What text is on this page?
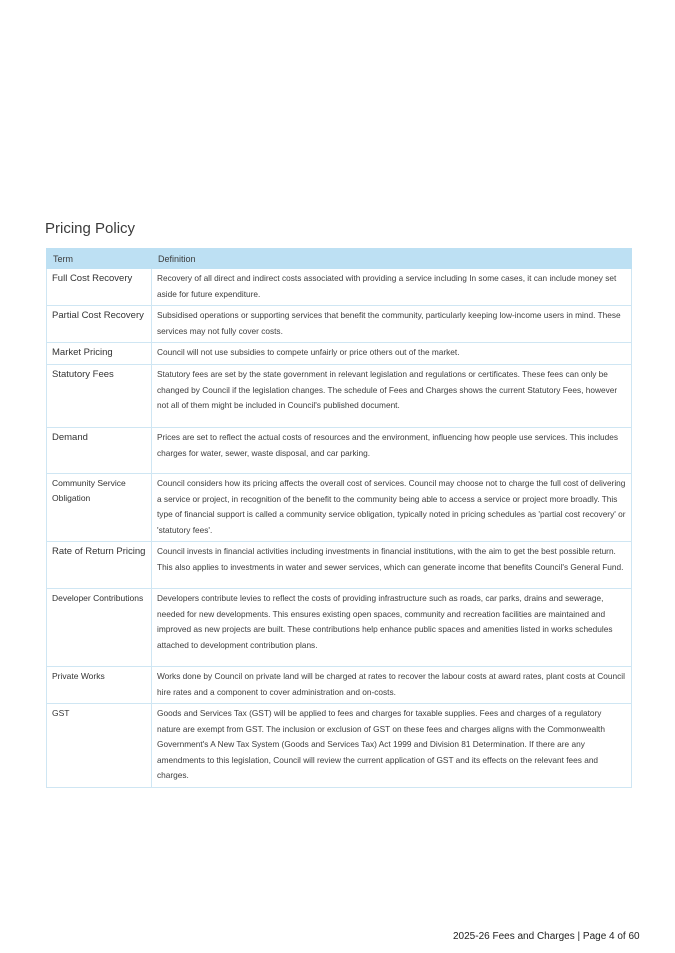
Pricing Policy
Term	Definition
Full Cost Recovery	Recovery of all direct and indirect costs associated with providing a service including In some cases, it can include money set aside for future expenditure.
Partial Cost Recovery	Subsidised operations or supporting services that benefit the community, particularly keeping low-income users in mind. These services may not fully cover costs.
Market Pricing	Council will not use subsidies to compete unfairly or price others out of the market.
Statutory Fees	Statutory fees are set by the state government in relevant legislation and regulations or certificates. These fees can only be changed by Council if the legislation changes. The schedule of Fees and Charges shows the current Statutory Fees, however not all of them might be included in Council's published document.
Demand	Prices are set to reflect the actual costs of resources and the environment, influencing how people use services. This includes charges for water, sewer, waste disposal, and car parking.
Community Service Obligation	Council considers how its pricing affects the overall cost of services. Council may choose not to charge the full cost of delivering a service or project, in recognition of the benefit to the community being able to access a service or project more broadly. This type of financial support is called a community service obligation, typically noted in pricing schedules as 'partial cost recovery' or 'statutory fees'.
Rate of Return Pricing	Council invests in financial activities including investments in financial institutions, with the aim to get the best possible return. This also applies to investments in water and sewer services, which can generate income that benefits Council's General Fund.
Developer Contributions	Developers contribute levies to reflect the costs of providing infrastructure such as roads, car parks, drains and sewerage, needed for new developments. This ensures existing open spaces, community and recreation facilities are maintained and improved as new projects are built. These contributions help enhance public spaces and amenities listed in works schedules attached to development contribution plans.
Private Works	Works done by Council on private land will be charged at rates to recover the labour costs at award rates, plant costs at Council hire rates and a component to cover administration and on-costs.
GST	Goods and Services Tax (GST) will be applied to fees and charges for taxable supplies. Fees and charges of a regulatory nature are exempt from GST. The inclusion or exclusion of GST on these fees and charges aligns with the Commonwealth Government's A New Tax System (Goods and Services Tax) Act 1999 and Division 81 Determination. If there are any amendments to this legislation, Council will review the current application of GST and its effects on the relevant fees and charges.
2025-26 Fees and Charges | Page 4 of 60
